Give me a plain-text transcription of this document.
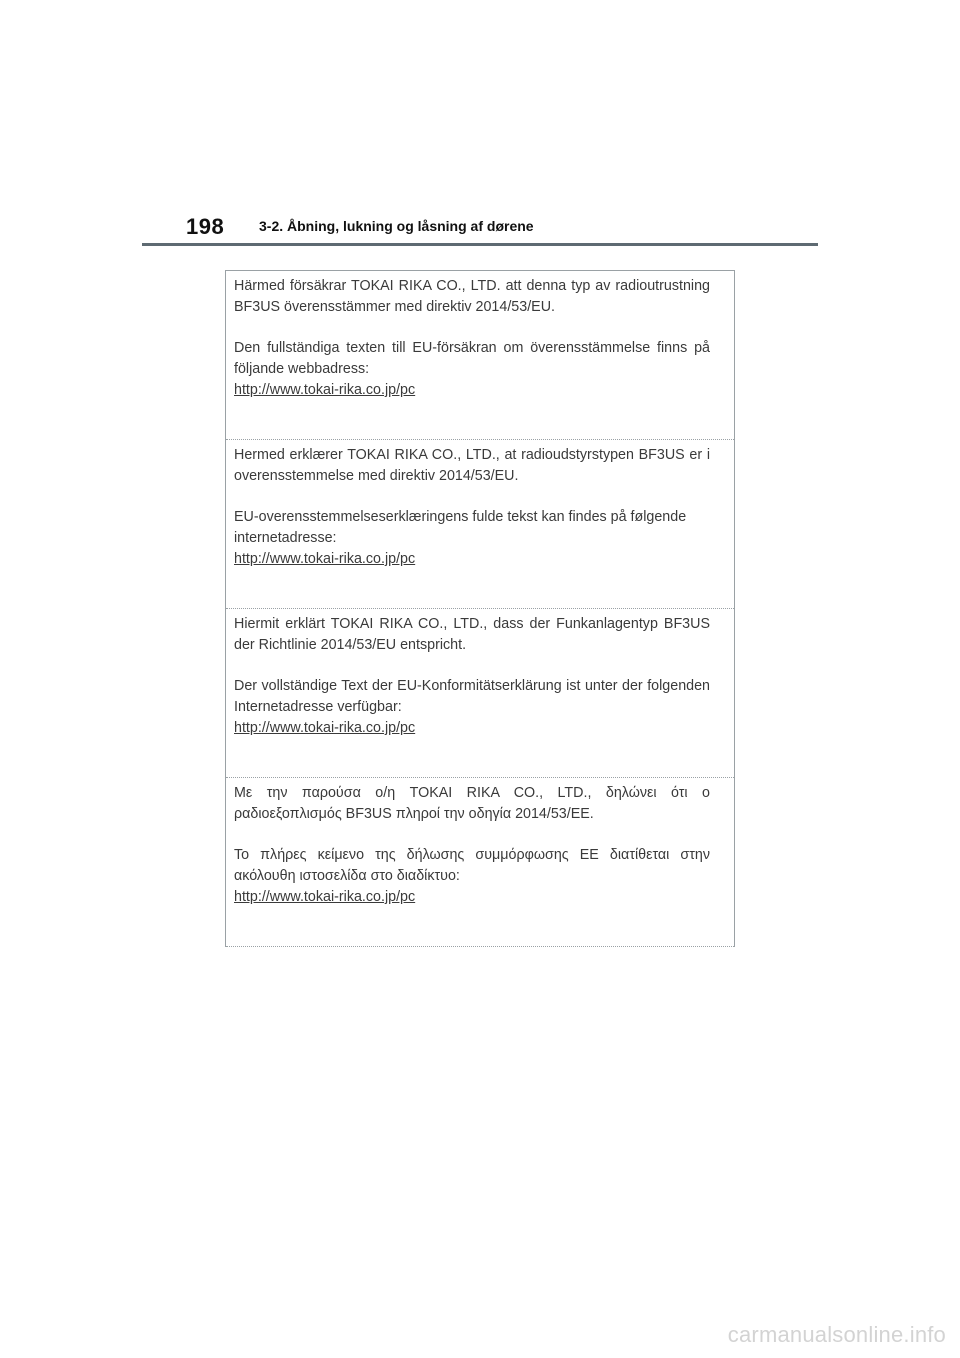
198 3-2. Åbning, lukning og låsning af dørene

Härmed försäkrar TOKAI RIKA CO., LTD. att denna typ av radioutrustning BF3US överensstämmer med direktiv 2014/53/EU.

Den fullständiga texten till EU-försäkran om överensstämmelse finns på följande webbadress:

http://www.tokai-rika.co.jp/pc

Hermed erklærer TOKAI RIKA CO., LTD., at radioudstyrstypen BF3US er i overensstemmelse med direktiv 2014/53/EU.

EU-overensstemmelseserklæringens fulde tekst kan findes på følgende internetadresse:

http://www.tokai-rika.co.jp/pc

Hiermit erklärt TOKAI RIKA CO., LTD., dass der Funkanlagentyp BF3US der Richtlinie 2014/53/EU entspricht.

Der vollständige Text der EU-Konformitätserklärung ist unter der folgenden Internetadresse verfügbar:

http://www.tokai-rika.co.jp/pc

Με την παρούσα ο/η TOKAI RIKA CO., LTD., δηλώνει ότι ο ραδιοεξοπλισμός BF3US πληροί την οδηγία 2014/53/ΕΕ.

Το πλήρες κείμενο της δήλωσης συμμόρφωσης ΕΕ διατίθεται στην ακόλουθη ιστοσελίδα στο διαδίκτυο:

http://www.tokai-rika.co.jp/pc
carmanualsonline.info
